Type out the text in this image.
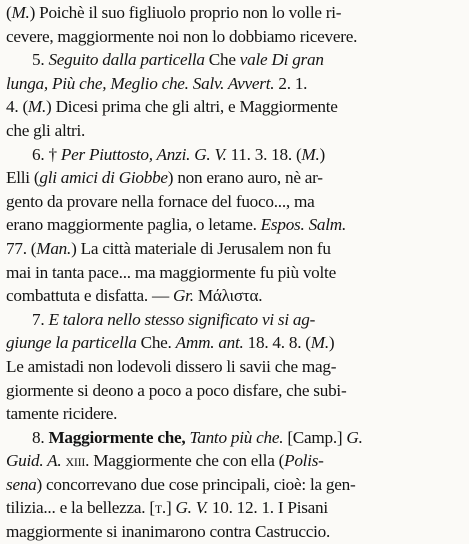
(M.) Poichè il suo figliuolo proprio non lo volle ri-

cevere, maggiormente noi non lo dobbiamo ricevere.

5. Seguito dalla particella Che vale Di gran

lunga, Più che, Meglio che. Salv. Avvert. 2. 1.

4. (M.) Dicesi prima che gli altri, e Maggiormente

che gli altri.

6. † Per Piuttosto, Anzi. G. V. 11. 3. 18. (M.)

Elli (gli amici di Giobbe) non erano auro, nè ar-

gento da provare nella fornace del fuoco..., ma

erano maggiormente paglia, o letame. Espos. Salm.

77. (Man.) La città materiale di Jerusalem non fu

mai in tanta pace... ma maggiormente fu più volte

combattuta e disfatta. — Gr. Μάλιστα.

7. E talora nello stesso significato vi si ag-

giunge la particella Che. Amm. ant. 18. 4. 8. (M.)

Le amistadi non lodevoli dissero li savii che mag-

giormente si deono a poco a poco disfare, che subi-

tamente ricidere.

8. Maggiormente che, Tanto più che. [Camp.] G.

Guid. A. xiii. Maggiormente che con ella (Polis-

sena) concorrevano due cose principali, cioè: la gen-

tilizia... e la bellezza. [t.] G. V. 10. 12. 1. I Pisani

maggiormente si inanimarono contra Castruccio.
